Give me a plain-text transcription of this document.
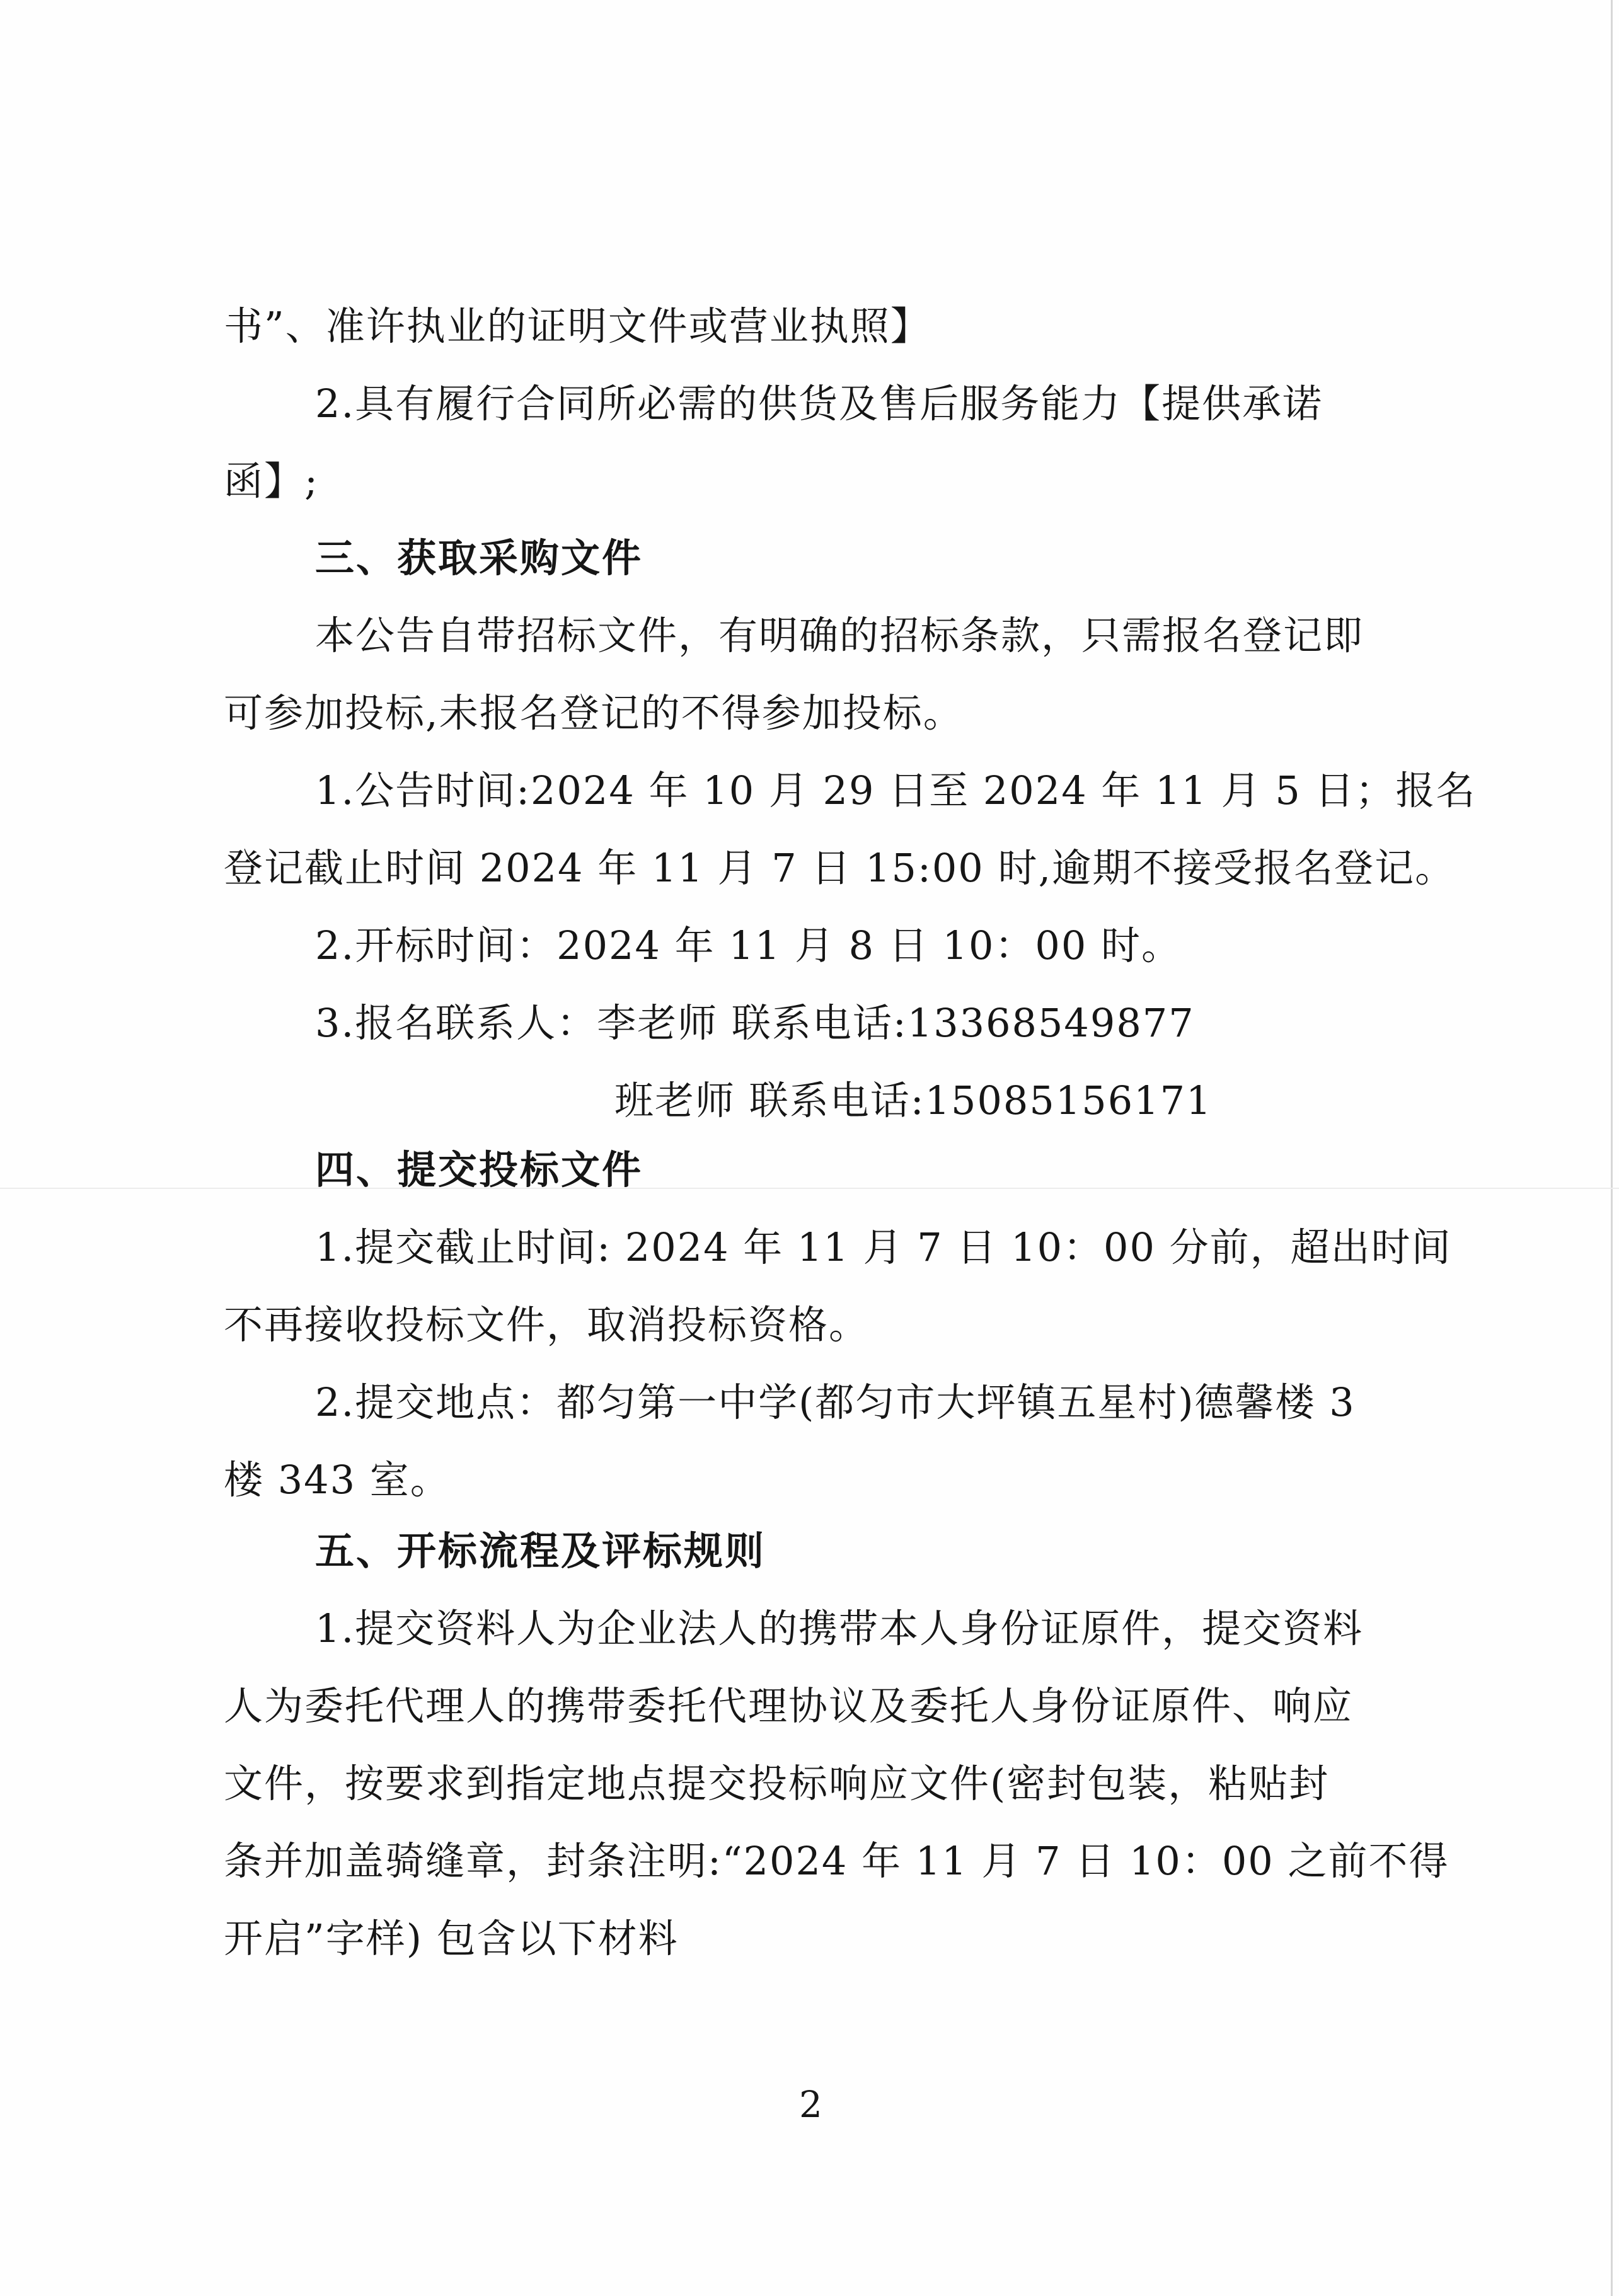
书”、准许执业的证明文件或营业执照】
2.具有履行合同所必需的供货及售后服务能力【提供承诺
函】;
三、获取采购文件
本公告自带招标文件，有明确的招标条款，只需报名登记即
可参加投标,未报名登记的不得参加投标。
1.公告时间:2024 年 10 月 29 日至 2024 年 11 月 5 日；报名
登记截止时间 2024 年 11 月 7 日 15:00 时,逾期不接受报名登记。
2.开标时间：2024 年 11 月 8 日 10：00 时。
3.报名联系人：李老师 联系电话:13368549877
班老师 联系电话:15085156171
四、提交投标文件
1.提交截止时间: 2024 年 11 月 7 日 10：00 分前，超出时间
不再接收投标文件，取消投标资格。
2.提交地点：都匀第一中学(都匀市大坪镇五星村)德馨楼 3
楼 343 室。
五、开标流程及评标规则
1.提交资料人为企业法人的携带本人身份证原件，提交资料
人为委托代理人的携带委托代理协议及委托人身份证原件、响应
文件，按要求到指定地点提交投标响应文件(密封包装，粘贴封
条并加盖骑缝章，封条注明:“2024 年 11 月 7 日 10：00 之前不得
开启”字样) 包含以下材料
2
